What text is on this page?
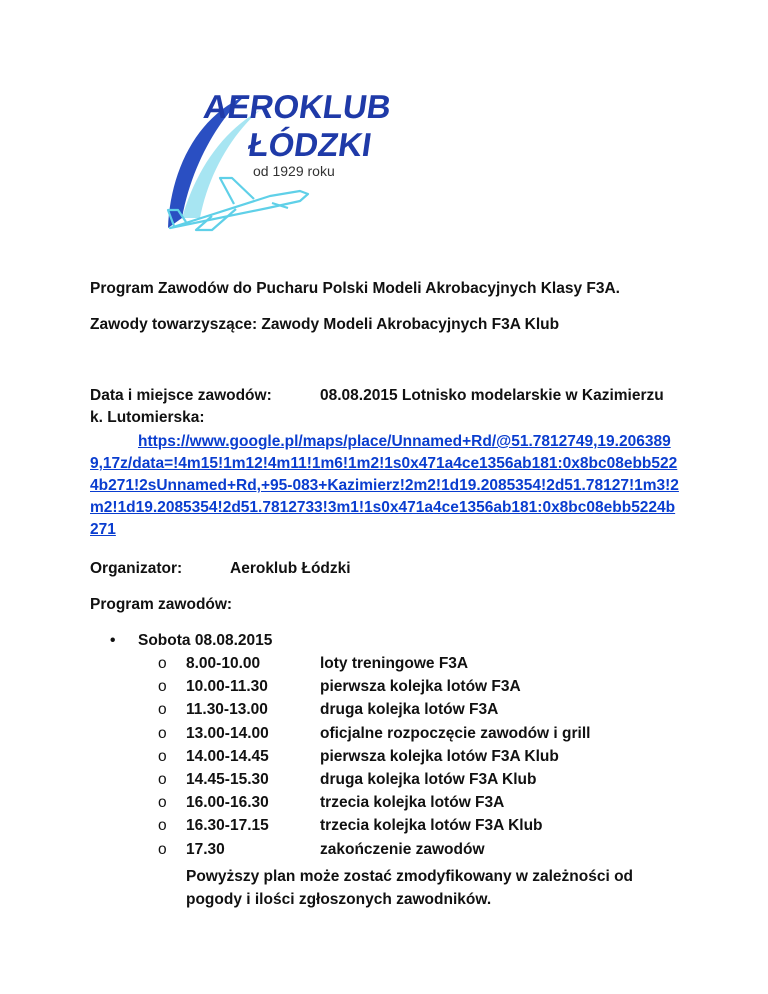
AEROKLUB
ŁÓDZKI
od 1929 roku
Program Zawodów do Pucharu Polski Modeli Akrobacyjnych Klasy F3A.
Zawody towarzyszące: Zawody Modeli Akrobacyjnych F3A Klub
Data i miejsce zawodów:	08.08.2015 Lotnisko modelarskie w Kazimierzu
k. Lutomierska:
https://www.google.pl/maps/place/Unnamed+Rd/@51.7812749,19.2063899,17z/data=!4m15!1m12!4m11!1m6!1m2!1s0x471a4ce1356ab181:0x8bc08ebb5224b271!2sUnnamed+Rd,+95-083+Kazimierz!2m2!1d19.2085354!2d51.78127!1m3!2m2!1d19.2085354!2d51.7812733!3m1!1s0x471a4ce1356ab181:0x8bc08ebb5224b271
Organizator:	Aeroklub Łódzki
Program zawodów:
• Sobota 08.08.2015
o 8.00-10.00	loty treningowe F3A
o 10.00-11.30	pierwsza kolejka lotów F3A
o 11.30-13.00	druga kolejka lotów F3A
o 13.00-14.00	oficjalne rozpoczęcie zawodów i grill
o 14.00-14.45	pierwsza kolejka lotów F3A Klub
o 14.45-15.30	druga kolejka lotów F3A Klub
o 16.00-16.30	trzecia kolejka lotów F3A
o 16.30-17.15	trzecia kolejka lotów F3A Klub
o 17.30	zakończenie zawodów
Powyższy plan może zostać zmodyfikowany w zależności od pogody i ilości zgłoszonych zawodników.
